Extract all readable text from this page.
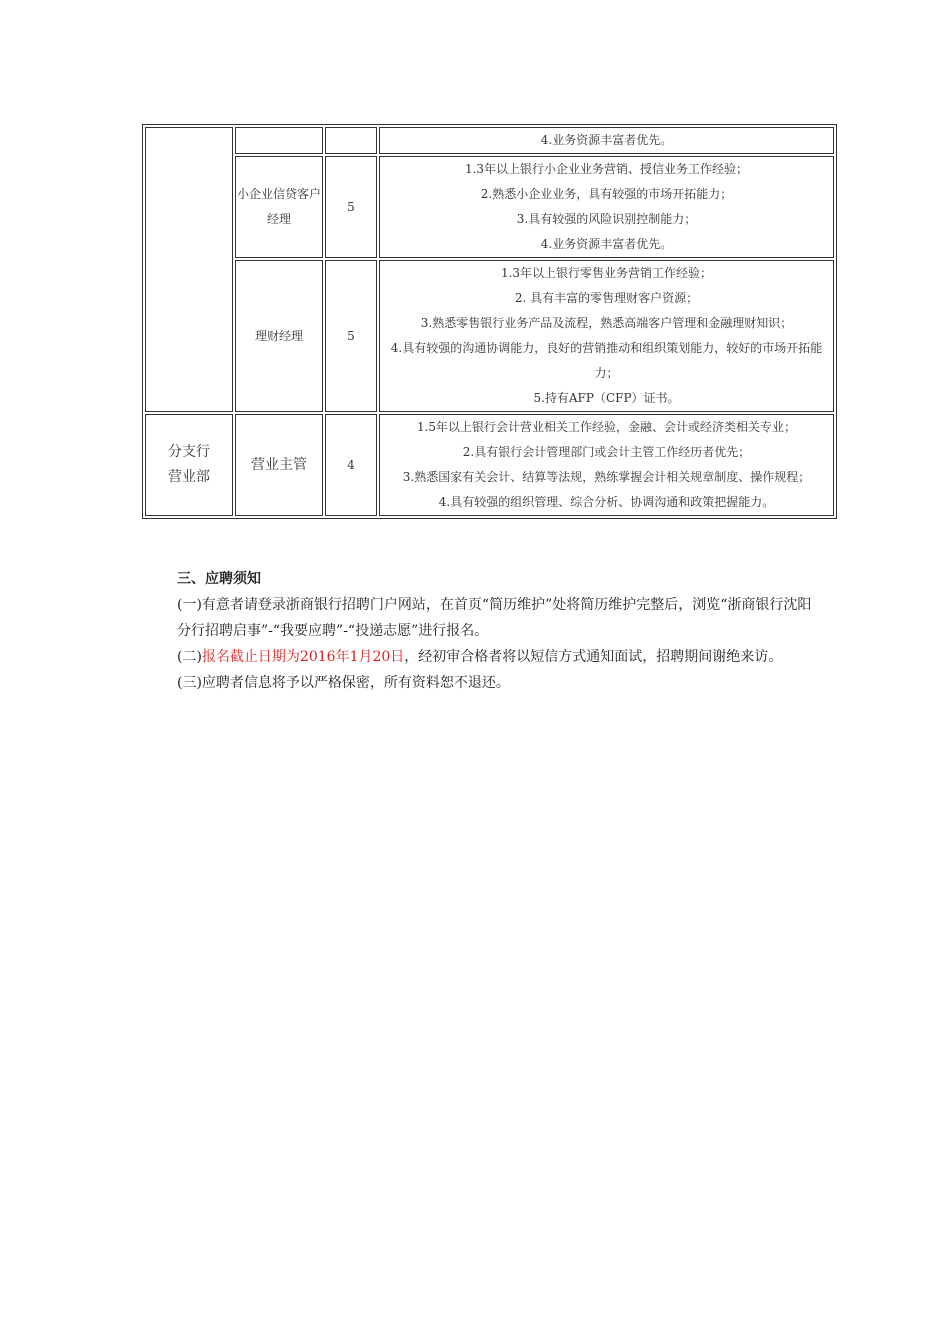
			4.业务资源丰富者优先。

	小企业信贷客户经理	5	1.3年以上银行小企业业务营销、授信业务工作经验；
2.熟悉小企业业务，具有较强的市场开拓能力；
3.具有较强的风险识别控制能力；
4.业务资源丰富者优先。

	理财经理	5	1.3年以上银行零售业务营销工作经验；
2. 具有丰富的零售理财客户资源；
3.熟悉零售银行业务产品及流程，熟悉高端客户管理和金融理财知识；
4.具有较强的沟通协调能力，良好的营销推动和组织策划能力，较好的市场开拓能力；
5.持有AFP（CFP）证书。

分支行营业部	营业主管	4	1.5年以上银行会计营业相关工作经验，金融、会计或经济类相关专业；
2.具有银行会计管理部门或会计主管工作经历者优先；
3.熟悉国家有关会计、结算等法规，熟练掌握会计相关规章制度、操作规程；
4.具有较强的组织管理、综合分析、协调沟通和政策把握能力。
三、应聘须知

(一)有意者请登录浙商银行招聘门户网站，在首页“简历维护”处将简历维护完整后，浏览“浙商银行沈阳分行招聘启事”-“我要应聘”-“投递志愿”进行报名。

(二)报名截止日期为2016年1月20日，经初审合格者将以短信方式通知面试，招聘期间谢绝来访。

(三)应聘者信息将予以严格保密，所有资料恕不退还。
